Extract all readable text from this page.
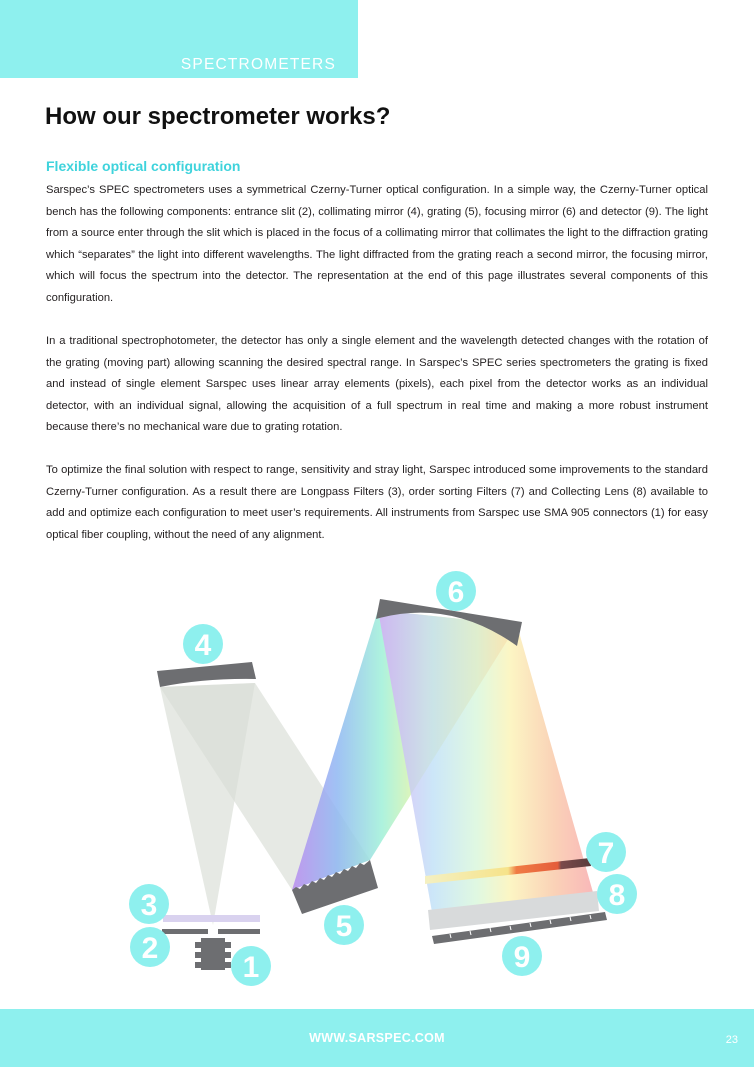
SPECTROMETERS
How our spectrometer works?
Flexible optical configuration

Sarspec’s SPEC spectrometers uses a symmetrical Czerny-Turner optical configuration. In a simple way, the Czerny-Turner optical bench has the following components: entrance slit (2), collimating mirror (4), grating (5), focusing mirror (6) and detector (9). The light from a source enter through the slit which is placed in the focus of a collimating mirror that collimates the light to the diffraction grating which “separates” the light into different wavelengths. The light diffracted from the grating reach a second mirror, the focusing mirror, which will focus the spectrum into the detector. The representation at the end of this page illustrates several components of this configuration.

In a traditional spectrophotometer, the detector has only a single element and the wavelength detected changes with the rotation of the grating (moving part) allowing scanning the desired spectral range. In Sarspec’s SPEC series spectrometers the grating is fixed and instead of single element Sarspec uses linear array elements (pixels), each pixel from the detector works as an individual detector, with an individual signal, allowing the acquisition of a full spectrum in real time and making a more robust instrument because there’s no mechanical ware due to grating rotation.

To optimize the final solution with respect to range, sensitivity and stray light, Sarspec introduced some improvements to the standard Czerny-Turner configuration. As a result there are Longpass Filters (3), order sorting Filters (7) and Collecting Lens (8) available to add and optimize each configuration to meet user’s requirements. All instruments from Sarspec use SMA 905 connectors (1) for easy optical fiber coupling, without the need of any alignment.

1
2
3
4
5
6
7
8
9
WWW.SARSPEC.COM	23
